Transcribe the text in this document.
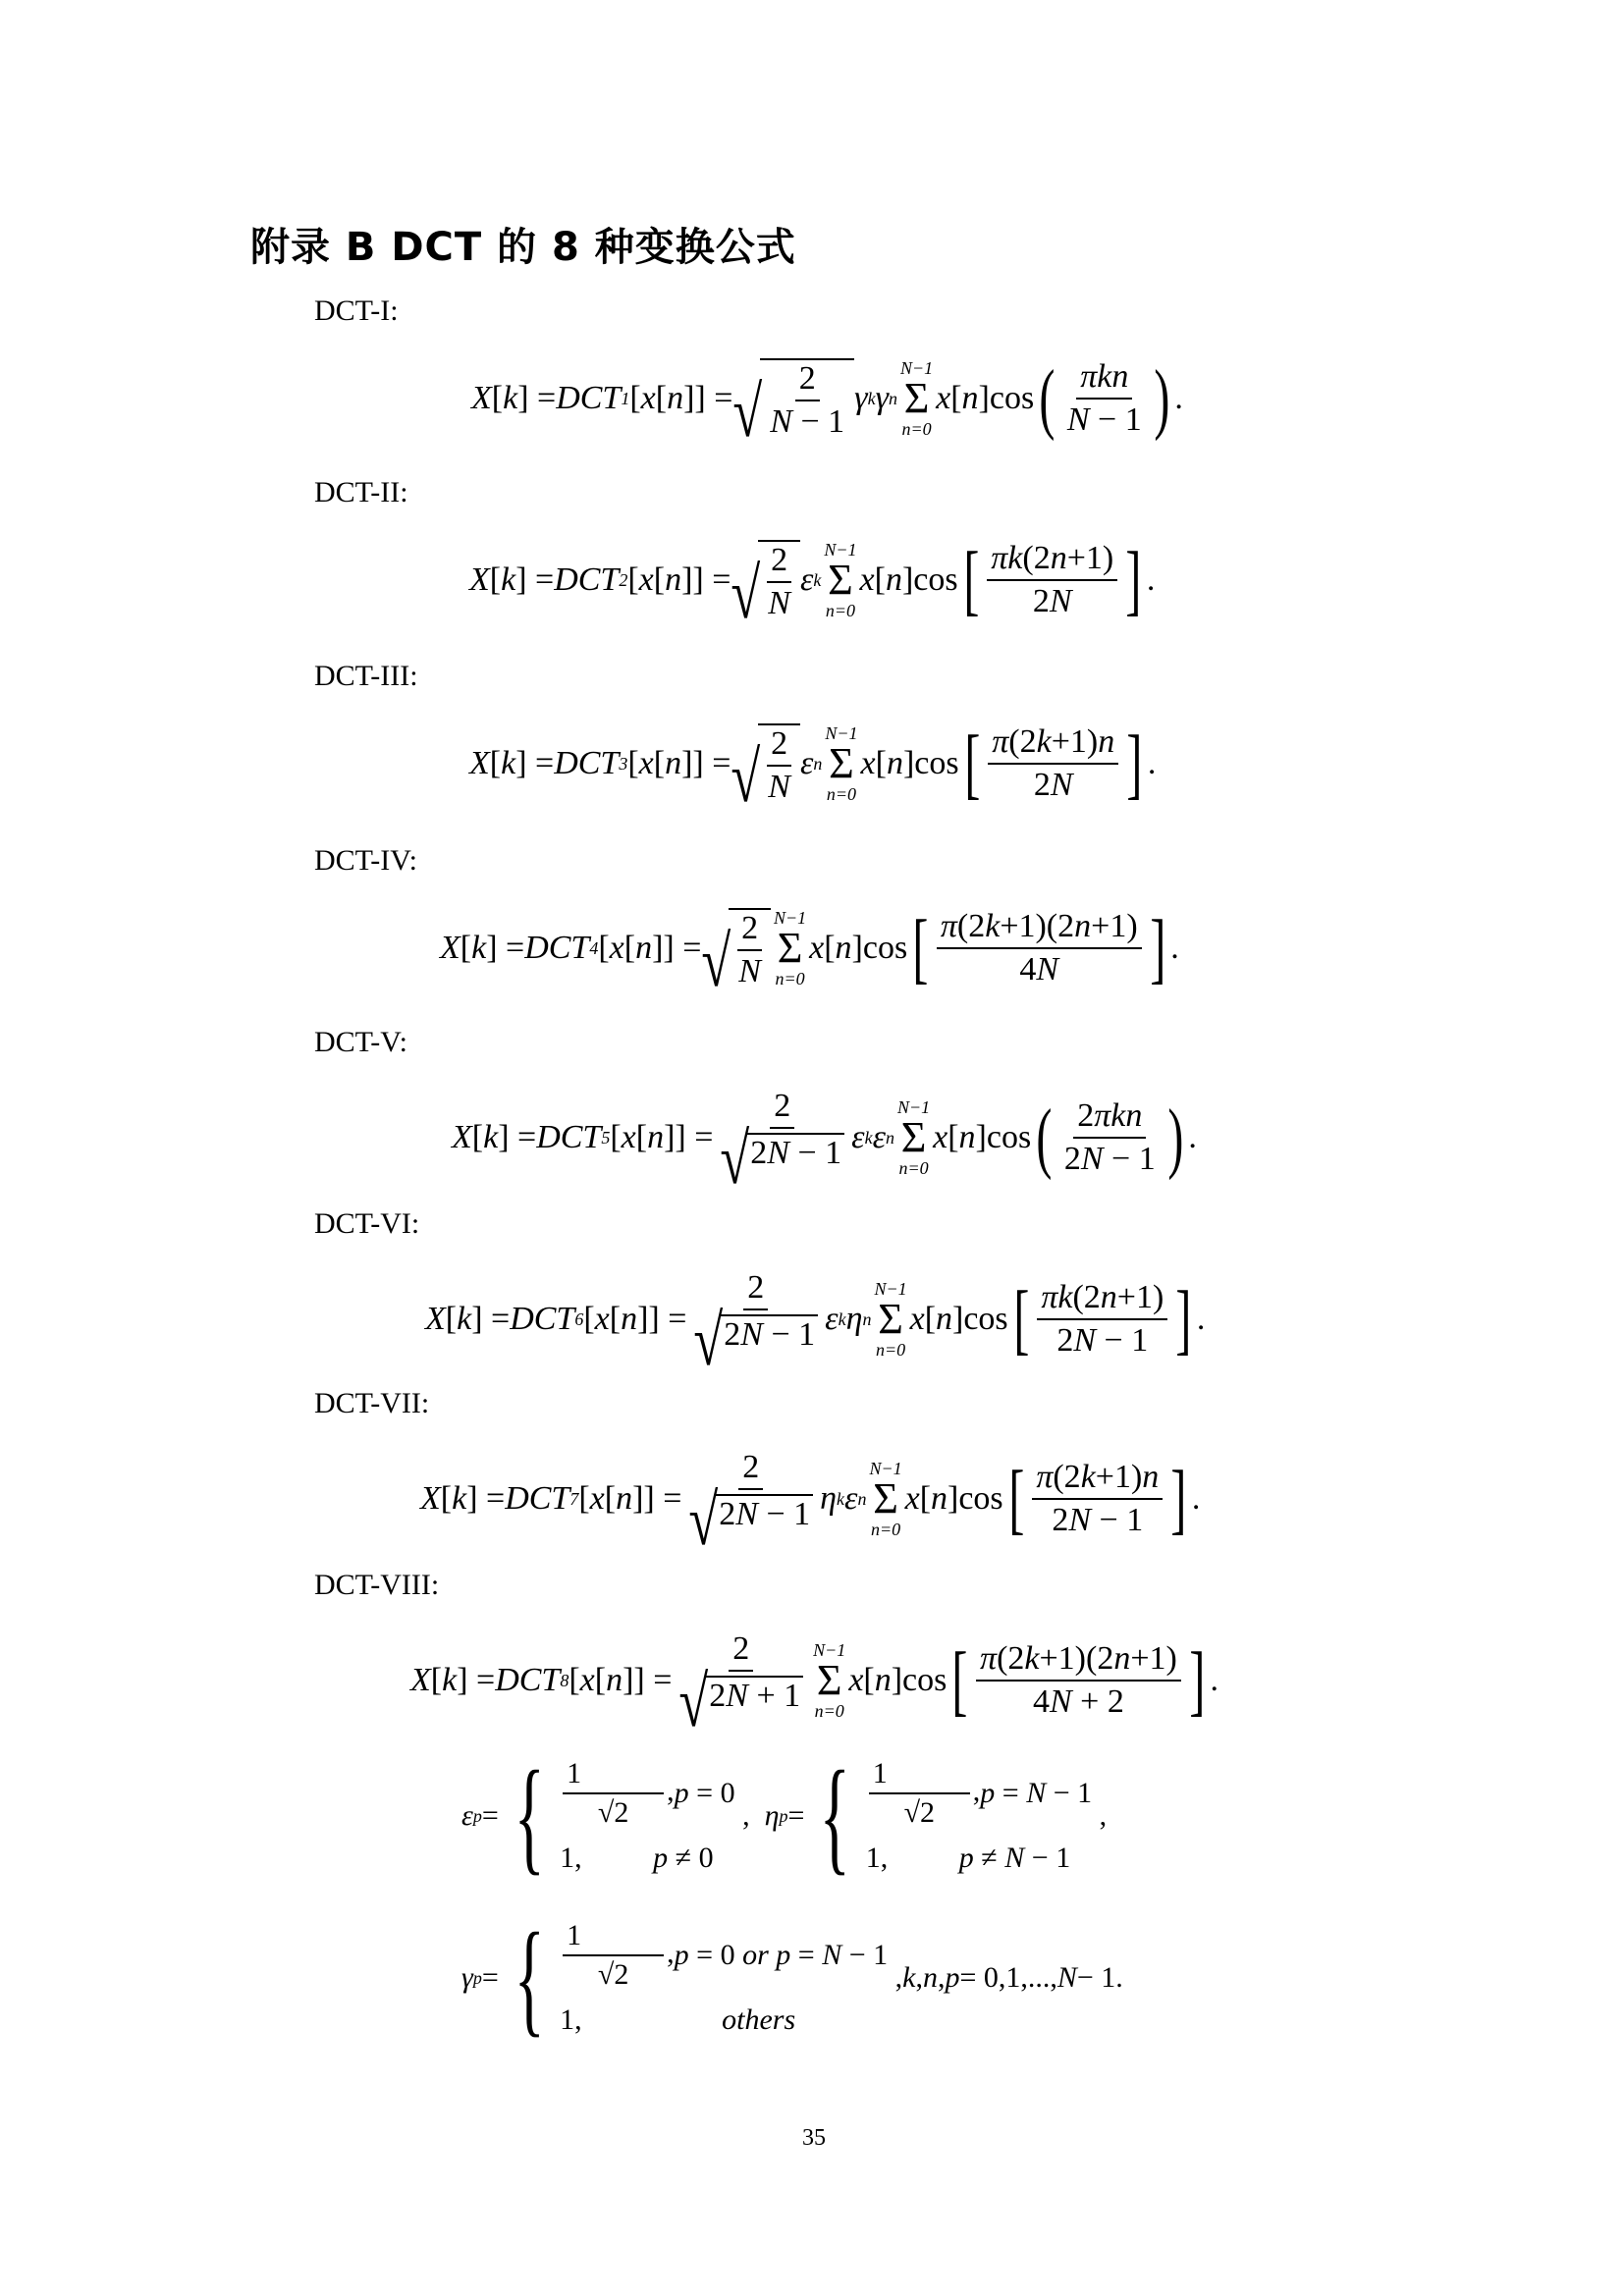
附录 B DCT 的 8 种变换公式
DCT-I:
X [ k ] = DCT 1 [ x [ n ]] = √ $\frac{2}{N - 1}$ γ k γ n
N−1
Σ
n=0
x [ n ]cos ( $\frac{\text{πkn}}{N - 1}$ ) .
DCT-II:
X [ k ] = DCT 2 [ x [ n ]] = √ $\frac{2}{N}$ ε k
N−1
Σ
n=0
x [ n ]cos [ $\frac{\pi k(2n+1)}{2N}$ ] .
DCT-III:
X [ k ] = DCT 3 [ x [ n ]] = √ $\frac{2}{N}$ ε n
N−1
Σ
n=0
x [ n ]cos [ $\frac{\pi(2k+1)n}{2N}$ ] .
DCT-IV:
X [ k ] = DCT 4 [ x [ n ]] = √ $\frac{2}{N} N-1$
Σ
n=0
x [ n ]cos [ $\frac{\pi(2k+1)(2n+1)}{4N}$ ] .
DCT-V:
X [ k ] = DCT 5 [ x [ n ]] = $\frac{2}{√ 2N - 1}$ ε k ε n
N−1
Σ
n=0
x [ n ]cos ( $\frac{\text{2πkn}}{2N - 1}$ ) .
DCT-VI:
X [ k ] = DCT 6 [ x [ n ]] = $\frac{2}{√ 2N - 1}$ ε k η n
N−1
Σ
n=0
x [ n ]cos [ $\frac{\pi k(2n+1)}{2N - 1}$ ] .
DCT-VII:
X [ k ] = DCT 7 [ x [ n ]] = $\frac{2}{√ 2N - 1}$ η k ε n
N−1
Σ
n=0
x [ n ]cos [ $\frac{\pi(2k+1)n}{2N - 1}$ ] .
DCT-VIII:
X [ k ] = DCT 8 [ x [ n ]] = $\frac{2}{√ 2N + 1} N-1$
Σ
n=0
x [ n ]cos [ $\frac{\pi(2k+1)(2n+1)}{4N + 2}$ ] .
ε p = { $\frac{1}{√2}$ , p = 0
1,	p ≠ 0
, η p = { $\frac{1}{√2}$ , p = N − 1
1,	p ≠ N − 1
,
γ p = { $\frac{1}{√2}$ , p = 0 or p = N − 1
1,	others
, k , n , p = 0,1,..., N − 1.
35
